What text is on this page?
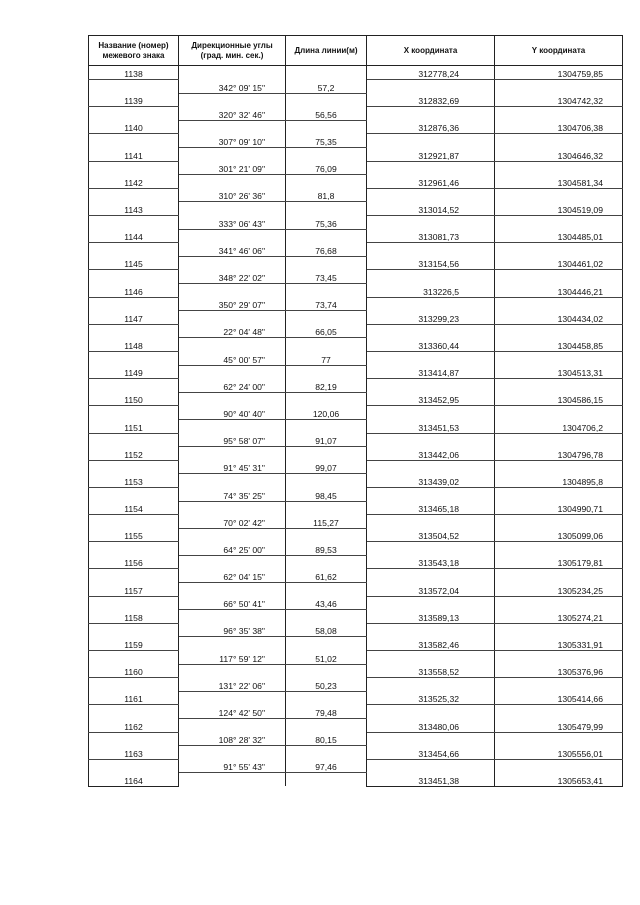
Название (номер) межевого знака	Дирекционные углы (град. мин. сек.)	Длина линии(м)	Х координата	Y координата
1138			312778,24	1304759,85
	342° 09' 15"	57,2		
1139			312832,69	1304742,32
	320° 32' 46"	56,56		
1140			312876,36	1304706,38
	307° 09' 10"	75,35		
1141			312921,87	1304646,32
	301° 21' 09"	76,09		
1142			312961,46	1304581,34
	310° 26' 36"	81,8		
1143			313014,52	1304519,09
	333° 06' 43"	75,36		
1144			313081,73	1304485,01
	341° 46' 06"	76,68		
1145			313154,56	1304461,02
	348° 22' 02"	73,45		
1146			313226,5	1304446,21
	350° 29' 07"	73,74		
1147			313299,23	1304434,02
	22° 04' 48"	66,05		
1148			313360,44	1304458,85
	45° 00' 57"	77		
1149			313414,87	1304513,31
	62° 24' 00"	82,19		
1150			313452,95	1304586,15
	90° 40' 40"	120,06		
1151			313451,53	1304706,2
	95° 58' 07"	91,07		
1152			313442,06	1304796,78
	91° 45' 31"	99,07		
1153			313439,02	1304895,8
	74° 35' 25"	98,45		
1154			313465,18	1304990,71
	70° 02' 42"	115,27		
1155			313504,52	1305099,06
	64° 25' 00"	89,53		
1156			313543,18	1305179,81
	62° 04' 15"	61,62		
1157			313572,04	1305234,25
	66° 50' 41"	43,46		
1158			313589,13	1305274,21
	96° 35' 38"	58,08		
1159			313582,46	1305331,91
	117° 59' 12"	51,02		
1160			313558,52	1305376,96
	131° 22' 06"	50,23		
1161			313525,32	1305414,66
	124° 42' 50"	79,48		
1162			313480,06	1305479,99
	108° 28' 32"	80,15		
1163			313454,66	1305556,01
	91° 55' 43"	97,46		
1164			313451,38	1305653,41
